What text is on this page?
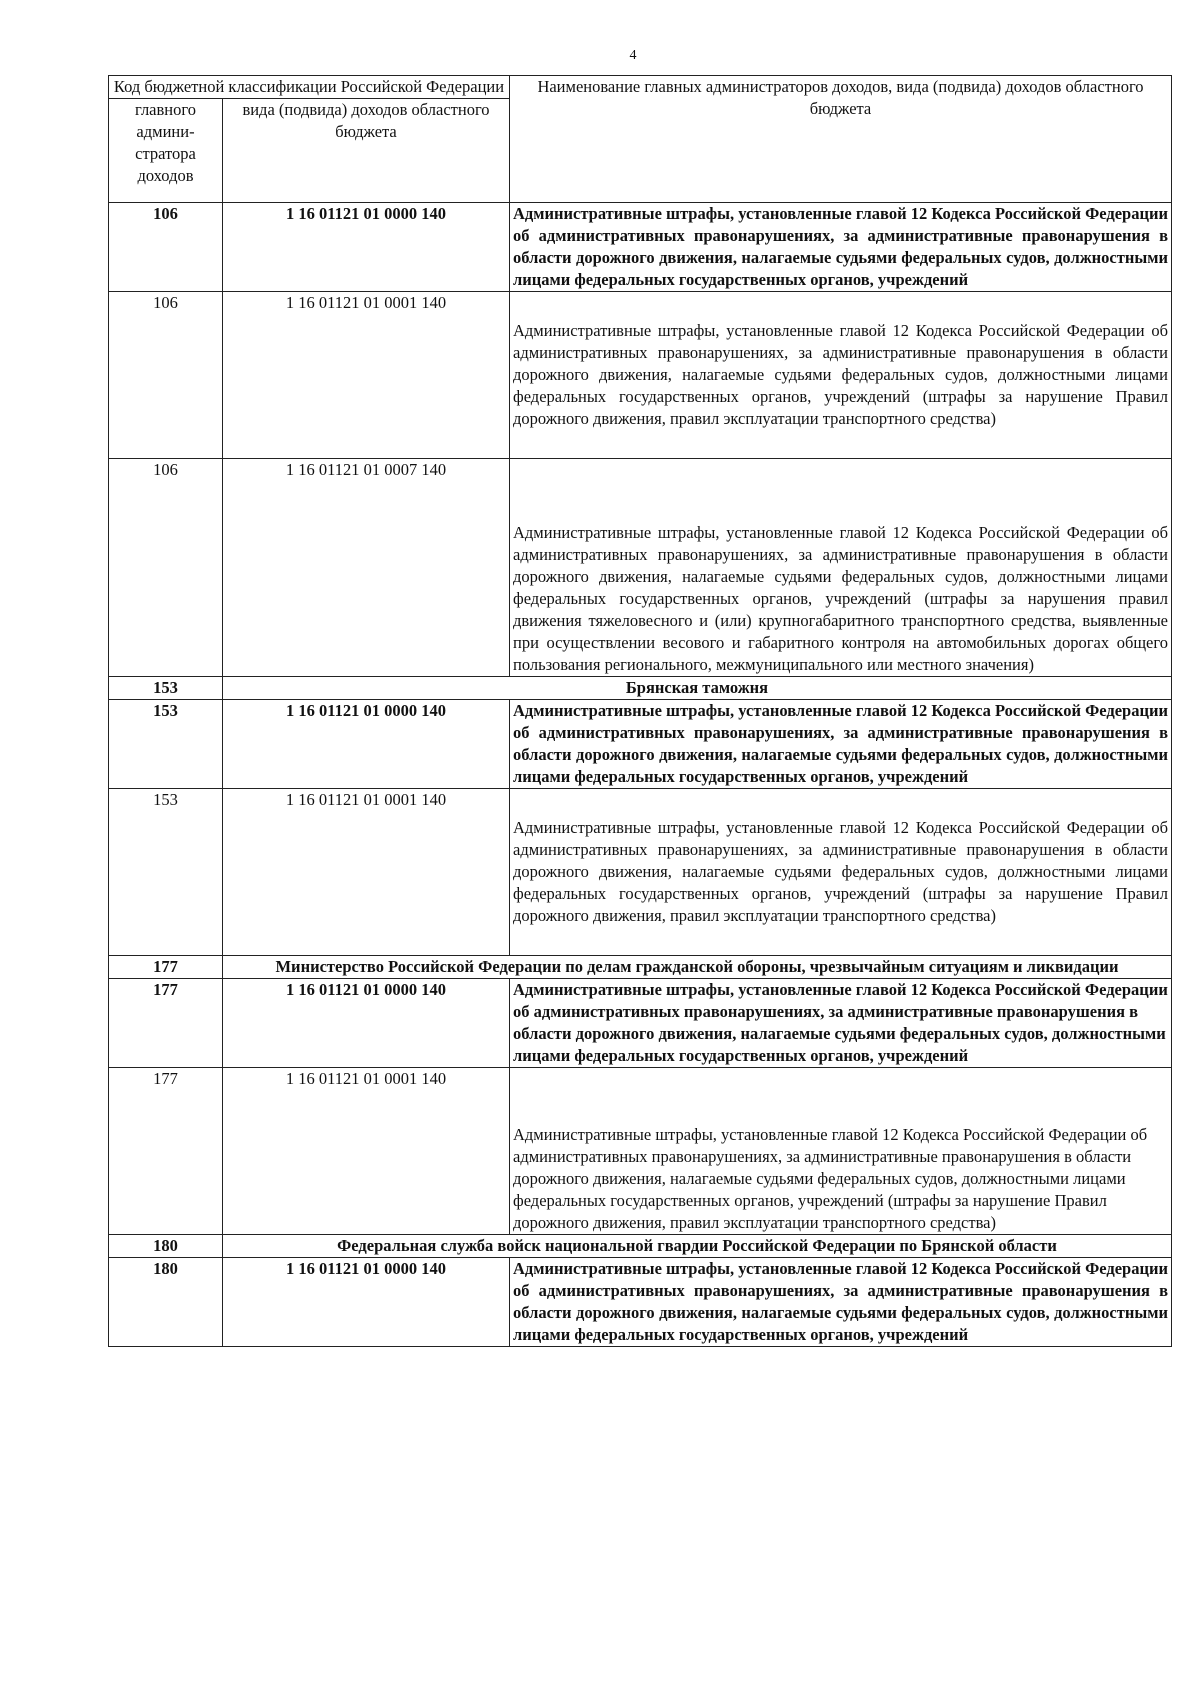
4
Код бюджетной классификации Российской Федерации		Наименование главных администраторов доходов, вида (подвида) доходов областного бюджета
главного админи-стратора доходов	вида (подвида) доходов областного бюджета	
106	1 16 01121 01 0000 140	Административные штрафы, установленные главой 12 Кодекса Российской Федерации об административных правонарушениях, за административные правонарушения в области дорожного движения, налагаемые судьями федеральных судов, должностными лицами федеральных государственных органов, учреждений
106	1 16 01121 01 0001 140	Административные штрафы, установленные главой 12 Кодекса Российской Федерации об административных правонарушениях, за административные правонарушения в области дорожного движения, налагаемые судьями федеральных судов, должностными лицами федеральных государственных органов, учреждений (штрафы за нарушение Правил дорожного движения, правил эксплуатации транспортного средства)
106	1 16 01121 01 0007 140	Административные штрафы, установленные главой 12 Кодекса Российской Федерации об административных правонарушениях, за административные правонарушения в области дорожного движения, налагаемые судьями федеральных судов, должностными лицами федеральных государственных органов, учреждений (штрафы за нарушения правил движения тяжеловесного и (или) крупногабаритного транспортного средства, выявленные при осуществлении весового и габаритного контроля на автомобильных дорогах общего пользования регионального, межмуниципального или местного значения)
153	Брянская таможня	
153	1 16 01121 01 0000 140	Административные штрафы, установленные главой 12 Кодекса Российской Федерации об административных правонарушениях, за административные правонарушения в области дорожного движения, налагаемые судьями федеральных судов, должностными лицами федеральных государственных органов, учреждений
153	1 16 01121 01 0001 140	Административные штрафы, установленные главой 12 Кодекса Российской Федерации об административных правонарушениях, за административные правонарушения в области дорожного движения, налагаемые судьями федеральных судов, должностными лицами федеральных государственных органов, учреждений (штрафы за нарушение Правил дорожного движения, правил эксплуатации транспортного средства)
177	Министерство Российской Федерации по делам гражданской обороны, чрезвычайным ситуациям и ликвидации	
177	1 16 01121 01 0000 140	Административные штрафы, установленные главой 12 Кодекса Российской Федерации об административных правонарушениях, за административные правонарушения в области дорожного движения, налагаемые судьями федеральных судов, должностными лицами федеральных государственных органов, учреждений
177	1 16 01121 01 0001 140	Административные штрафы, установленные главой 12 Кодекса Российской Федерации об административных правонарушениях, за административные правонарушения в области дорожного движения, налагаемые судьями федеральных судов, должностными лицами федеральных государственных органов, учреждений (штрафы за нарушение Правил дорожного движения, правил эксплуатации транспортного средства)
180	Федеральная служба войск национальной гвардии Российской Федерации по Брянской области	
180	1 16 01121 01 0000 140	Административные штрафы, установленные главой 12 Кодекса Российской Федерации об административных правонарушениях, за административные правонарушения в области дорожного движения, налагаемые судьями федеральных судов, должностными лицами федеральных государственных органов, учреждений
